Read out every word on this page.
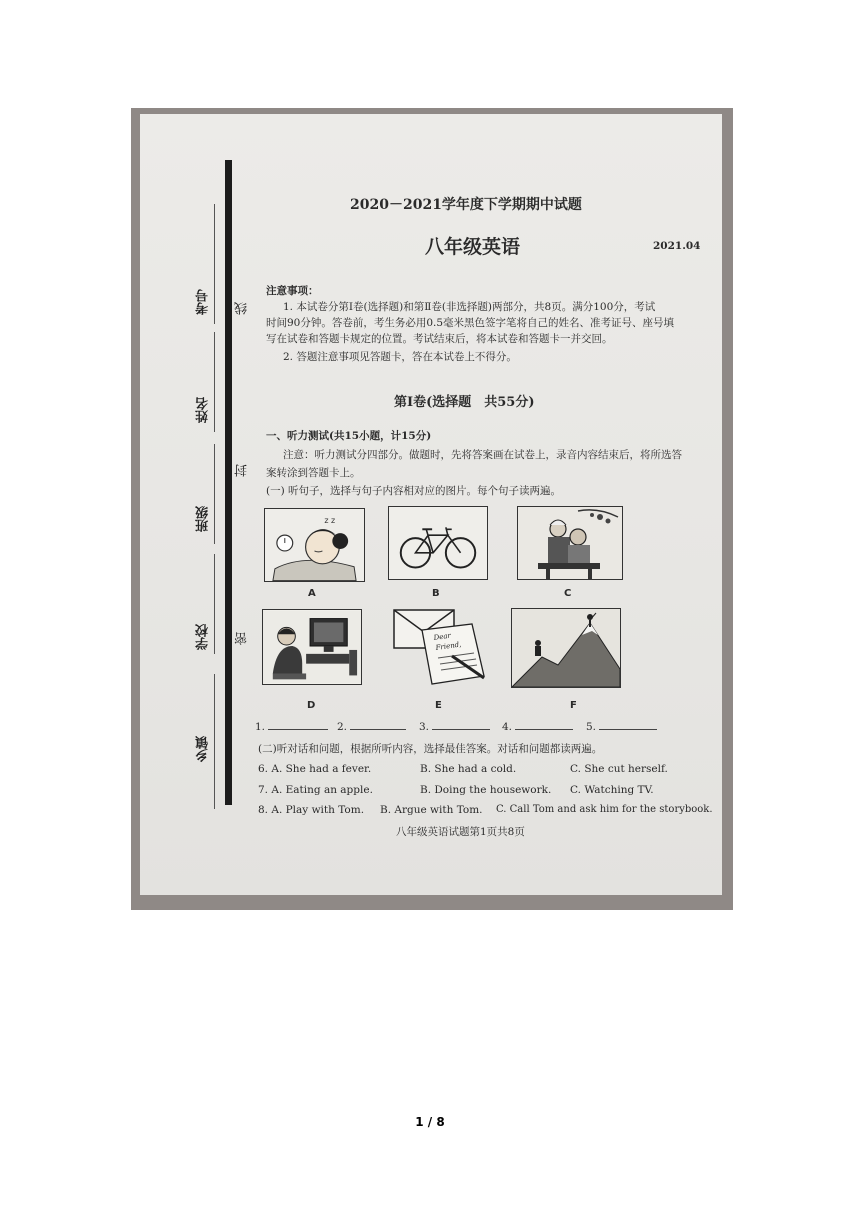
考号
姓名
班级
学校
乡镇
线
封
密
2020－2021学年度下学期期中试题
八年级英语	2021.04
注意事项：
1. 本试卷分第Ⅰ卷(选择题)和第Ⅱ卷(非选择题)两部分，共8页。满分100分，考试
时间90分钟。答卷前，考生务必用0.5毫米黑色签字笔将自己的姓名、准考证号、座号填
写在试卷和答题卡规定的位置。考试结束后，将本试卷和答题卡一并交回。
2. 答题注意事项见答题卡，答在本试卷上不得分。
第Ⅰ卷(选择题　共55分)
一、听力测试(共15小题，计15分)
注意：听力测试分四部分。做题时，先将答案画在试卷上，录音内容结束后，将所选答
案转涂到答题卡上。
(一) 听句子，选择与句子内容相对应的图片。每个句子读两遍。
z z
A	B	C
D
Dear
Friend,
E	F
1.	2.	3.	4.	5.
(二)听对话和问题，根据所听内容，选择最佳答案。对话和问题都读两遍。
6. A. She had a fever.	B. She had a cold.	C. She cut herself.
7. A. Eating an apple.	B. Doing the housework. C. Watching TV.
8. A. Play with Tom. B. Argue with Tom. C. Call Tom and ask him for the storybook.
八年级英语试题第1页共8页
1 / 8
